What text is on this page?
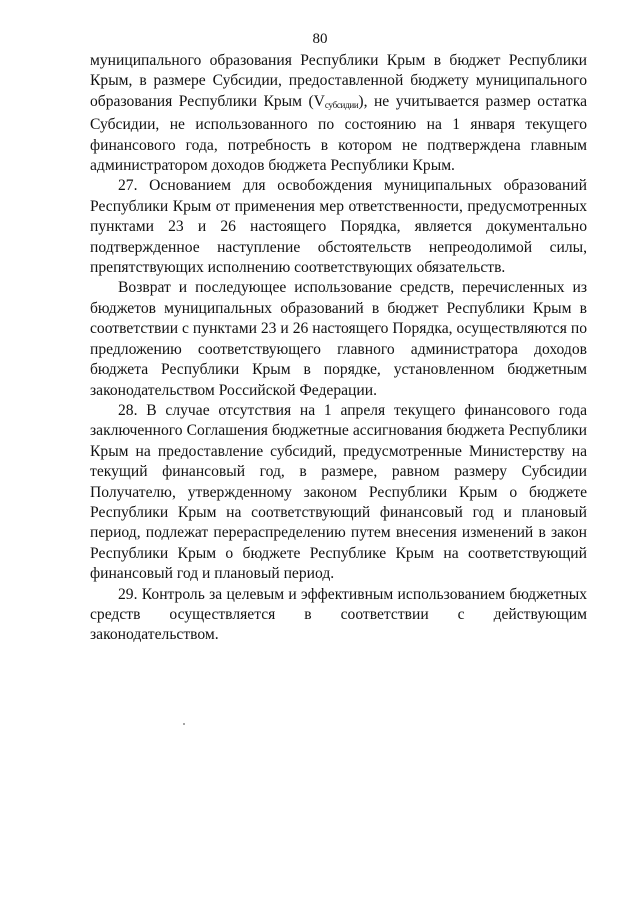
80

муниципального образования Республики Крым в бюджет Республики Крым, в размере Субсидии, предоставленной бюджету муниципального образования Республики Крым $(V_{субсидии})$, не учитывается размер остатка Субсидии, не использованного по состоянию на 1 января текущего финансового года, потребность в котором не подтверждена главным администратором доходов бюджета Республики Крым.

27. Основанием для освобождения муниципальных образований Республики Крым от применения мер ответственности, предусмотренных пунктами 23 и 26 настоящего Порядка, является документально подтвержденное наступление обстоятельств непреодолимой силы, препятствующих исполнению соответствующих обязательств.

Возврат и последующее использование средств, перечисленных из бюджетов муниципальных образований в бюджет Республики Крым в соответствии с пунктами 23 и 26 настоящего Порядка, осуществляются по предложению соответствующего главного администратора доходов бюджета Республики Крым в порядке, установленном бюджетным законодательством Российской Федерации.

28. В случае отсутствия на 1 апреля текущего финансового года заключенного Соглашения бюджетные ассигнования бюджета Республики Крым на предоставление субсидий, предусмотренные Министерству на текущий финансовый год, в размере, равном размеру Субсидии Получателю, утвержденному законом Республики Крым о бюджете Республики Крым на соответствующий финансовый год и плановый период, подлежат перераспределению путем внесения изменений в закон Республики Крым о бюджете Республике Крым на соответствующий финансовый год и плановый период.

29. Контроль за целевым и эффективным использованием бюджетных средств осуществляется в соответствии с действующим законодательством.
